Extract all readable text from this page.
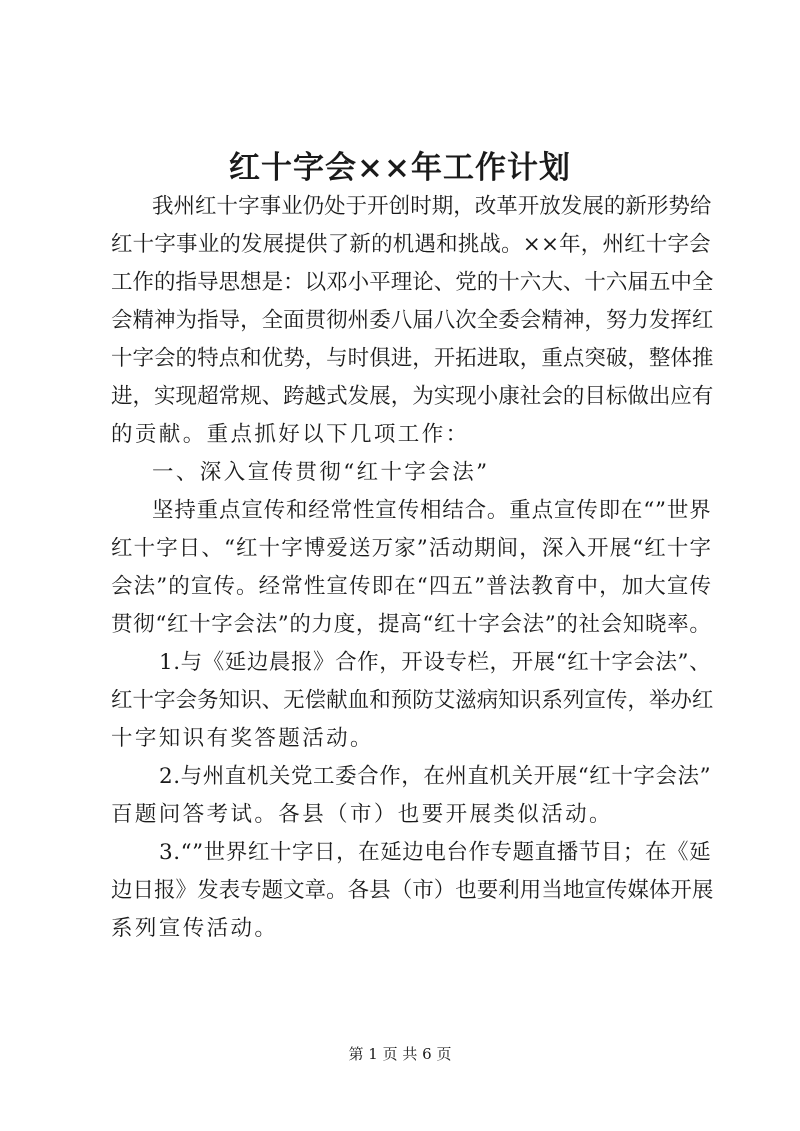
红十字会××年工作计划
我 州 红 十 字 事 业 仍 处 于 开 创 时 期 ， 改 革 开 放 发 展 的 新 形 势 给
红 十 字 事 业 的 发 展 提 供 了 新 的 机 遇 和 挑 战 。 × × 年 ， 州 红 十 字 会
工 作 的 指 导 思 想 是 ： 以 邓 小 平 理 论 、 党 的 十 六 大 、 十 六 届 五 中 全
会 精 神 为 指 导 ， 全 面 贯 彻 州 委 八 届 八 次 全 委 会 精 神 ， 努 力 发 挥 红
十 字 会 的 特 点 和 优 势 ， 与 时 俱 进 ， 开 拓 进 取 ， 重 点 突 破 ， 整 体 推
进 ， 实 现 超 常 规 、 跨 越 式 发 展 ， 为 实 现 小 康 社 会 的 目 标 做 出 应 有
的贡献。重点抓好以下几项工作：
一、深入宣传贯彻“红十字会法”
坚 持 重 点 宣 传 和 经 常 性 宣 传 相 结 合 。 重 点 宣 传 即 在 “ ” 世 界
红 十 字 日 、 “ 红 十 字 博 爱 送 万 家 ” 活 动 期 间 ， 深 入 开 展 “ 红 十 字
会 法 ” 的 宣 传 。 经 常 性 宣 传 即 在 “ 四 五 ” 普 法 教 育 中 ， 加 大 宣 传
贯 彻 “ 红 十 字 会 法 ” 的 力 度 ， 提 高 “ 红 十 字 会 法 ” 的 社 会 知 晓 率 。
1 . 与 《 延 边 晨 报 》 合 作 ， 开 设 专 栏 ， 开 展 “ 红 十 字 会 法 ” 、
红 十 字 会 务 知 识 、 无 偿 献 血 和 预 防 艾 滋 病 知 识 系 列 宣 传 ， 举 办 红
十字知识有奖答题活动。
2 . 与 州 直 机 关 党 工 委 合 作 ， 在 州 直 机 关 开 展 “ 红 十 字 会 法 ”
百题问答考试。各县（市）也要开展类似活动。
3 . “ ” 世 界 红 十 字 日 ， 在 延 边 电 台 作 专 题 直 播 节 目 ； 在 《 延
边 日 报 》 发 表 专 题 文 章 。 各 县 （ 市 ） 也 要 利 用 当 地 宣 传 媒 体 开 展
系列宣传活动。
第 1 页 共 6 页
